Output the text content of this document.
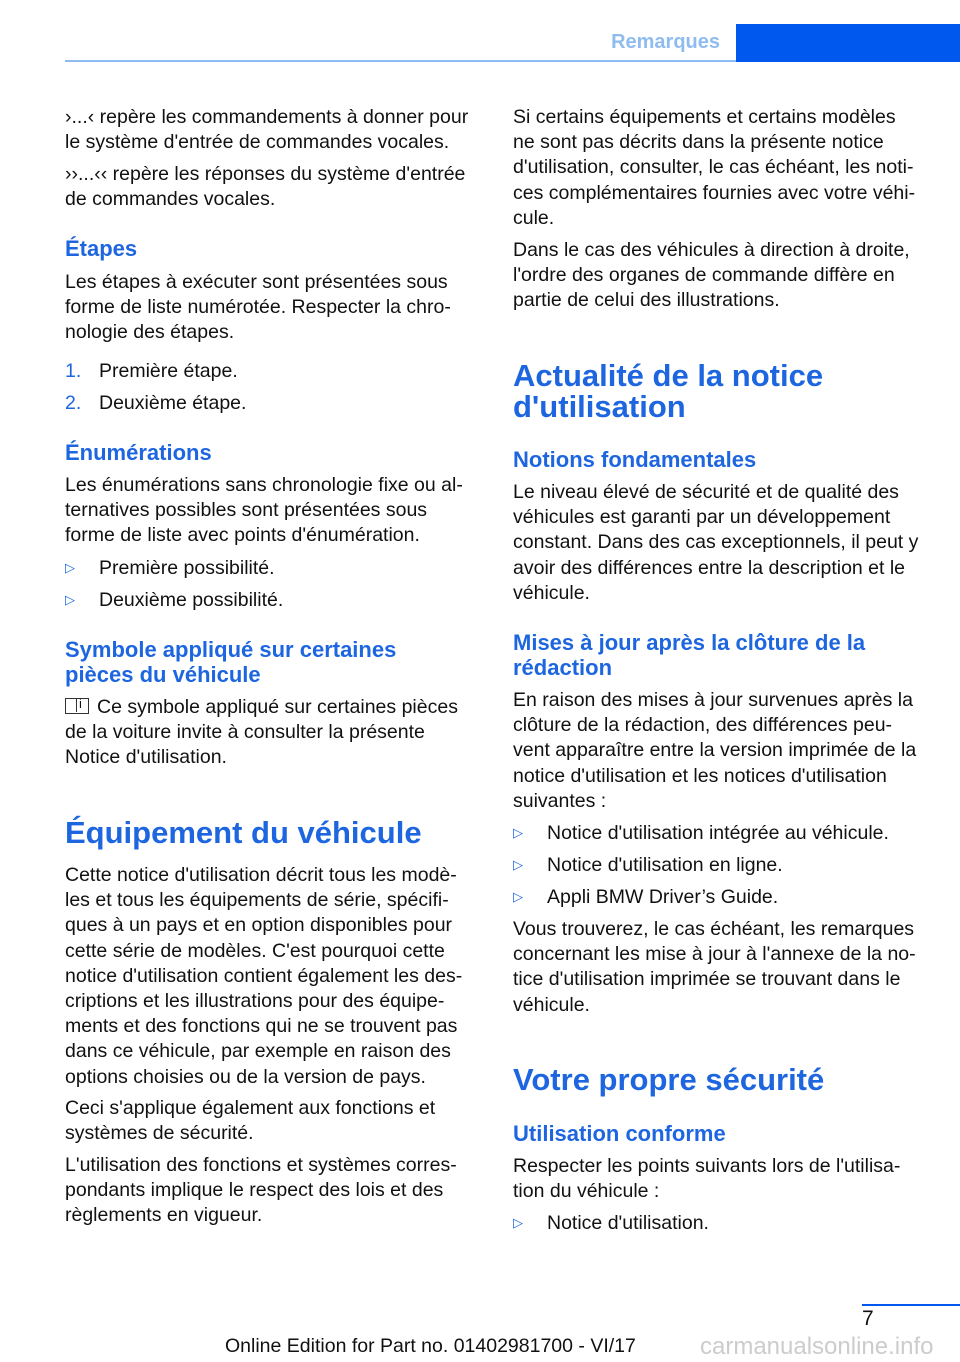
Remarques
›...‹ repère les commandements à donner pour
le système d'entrée de commandes vocales.
››...‹‹ repère les réponses du système d'entrée
de commandes vocales.
Étapes
Les étapes à exécuter sont présentées sous
forme de liste numérotée. Respecter la chro-
nologie des étapes.
1. Première étape.
2. Deuxième étape.
Énumérations
Les énumérations sans chronologie fixe ou al-
ternatives possibles sont présentées sous
forme de liste avec points d'énumération.
▷ Première possibilité.
▷ Deuxième possibilité.
Symbole appliqué sur certaines
pièces du véhicule
iCe symbole appliqué sur certaines pièces
de la voiture invite à consulter la présente
Notice d'utilisation.
Équipement du véhicule
Cette notice d'utilisation décrit tous les modè-
les et tous les équipements de série, spécifi-
ques à un pays et en option disponibles pour
cette série de modèles. C'est pourquoi cette
notice d'utilisation contient également les des-
criptions et les illustrations pour des équipe-
ments et des fonctions qui ne se trouvent pas
dans ce véhicule, par exemple en raison des
options choisies ou de la version de pays.
Ceci s'applique également aux fonctions et
systèmes de sécurité.
L'utilisation des fonctions et systèmes corres-
pondants implique le respect des lois et des
règlements en vigueur.
Si certains équipements et certains modèles
ne sont pas décrits dans la présente notice
d'utilisation, consulter, le cas échéant, les noti-
ces complémentaires fournies avec votre véhi-
cule.
Dans le cas des véhicules à direction à droite,
l'ordre des organes de commande diffère en
partie de celui des illustrations.
Actualité de la notice
d'utilisation
Notions fondamentales
Le niveau élevé de sécurité et de qualité des
véhicules est garanti par un développement
constant. Dans des cas exceptionnels, il peut y
avoir des différences entre la description et le
véhicule.
Mises à jour après la clôture de la
rédaction
En raison des mises à jour survenues après la
clôture de la rédaction, des différences peu-
vent apparaître entre la version imprimée de la
notice d'utilisation et les notices d'utilisation
suivantes :
▷ Notice d'utilisation intégrée au véhicule.
▷ Notice d'utilisation en ligne.
▷ Appli BMW Driver’s Guide.
Vous trouverez, le cas échéant, les remarques
concernant les mise à jour à l'annexe de la no-
tice d'utilisation imprimée se trouvant dans le
véhicule.
Votre propre sécurité
Utilisation conforme
Respecter les points suivants lors de l'utilisa-
tion du véhicule :
▷ Notice d'utilisation.
7
Online Edition for Part no. 01402981700 - VI/17	carmanualsonline.info
